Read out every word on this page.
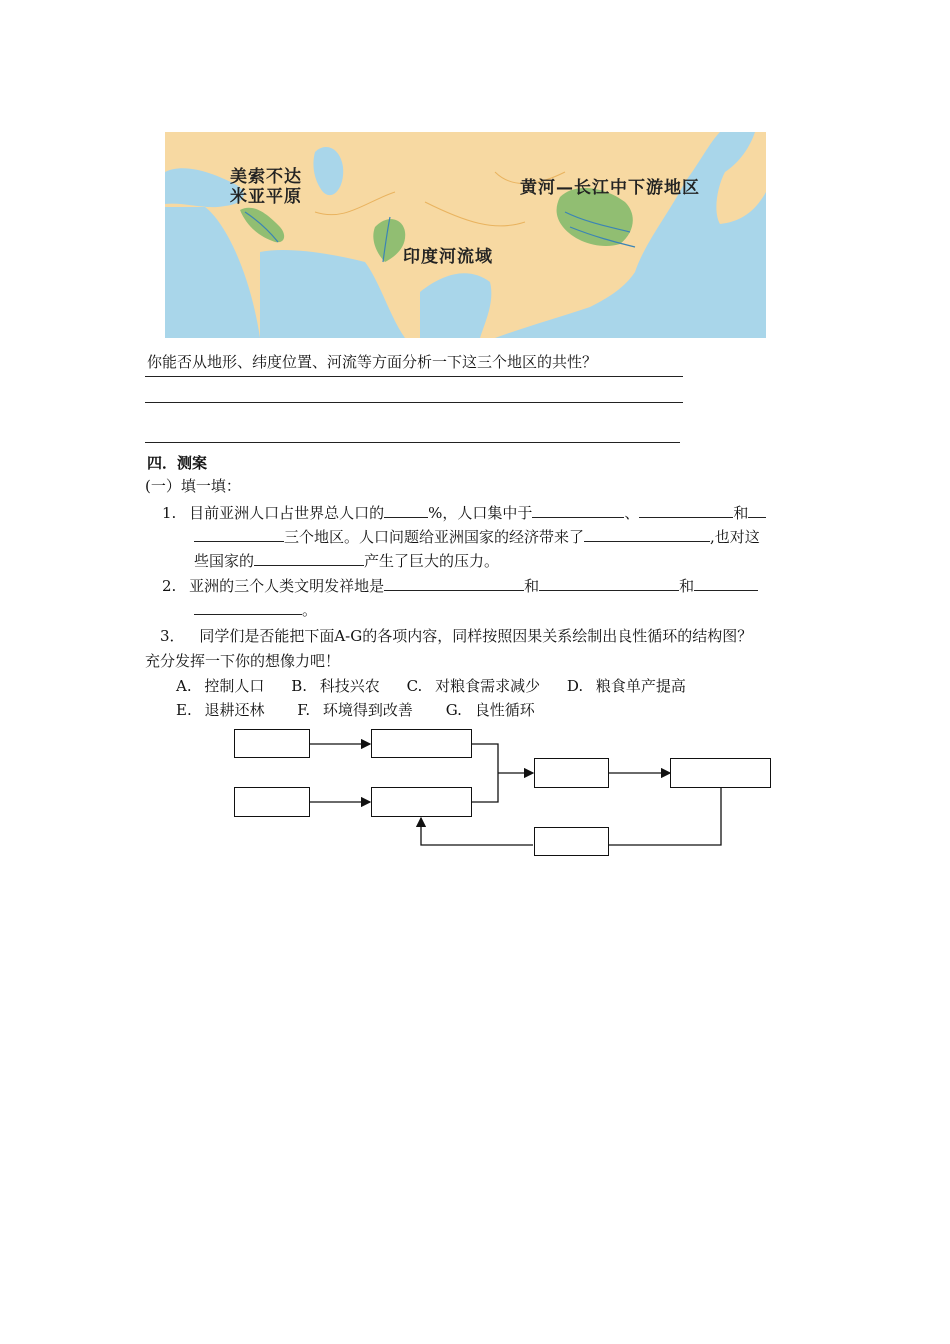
美索不达
米亚平原	黄河—长江中下游地区
印度河流域
你能否从地形、纬度位置、河流等方面分析一下这三个地区的共性？
四．测案
(一）填一填：
1. 目前亚洲人口占世界总人口的	%，人口集中于	、	和
三个地区。人口问题给亚洲国家的经济带来了	,也对这
些国家的	产生了巨大的压力。
2. 亚洲的三个人类文明发祥地是	和	和
。
3． 同学们是否能把下面A-G的各项内容，同样按照因果关系绘制出良性循环的结构图？
充分发挥一下你的想像力吧！
A. 控制人口 B. 科技兴农 C. 对粮食需求减少 D. 粮食单产提高
E. 退耕还林 F. 环境得到改善 G. 良性循环
